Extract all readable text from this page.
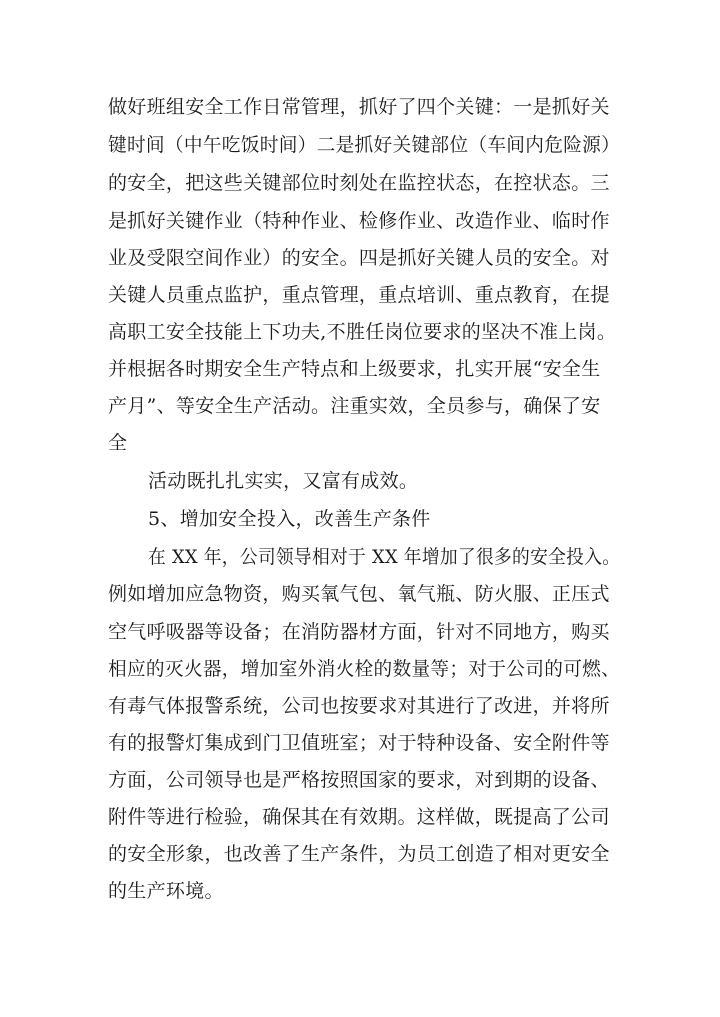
做好班组安全工作日常管理，抓好了四个关键：一是抓好关
键时间（中午吃饭时间）二是抓好关键部位（车间内危险源）
的安全，把这些关键部位时刻处在监控状态，在控状态。三
是抓好关键作业（特种作业、检修作业、改造作业、临时作
业及受限空间作业）的安全。四是抓好关键人员的安全。对
关键人员重点监护，重点管理，重点培训、重点教育，在提
高职工安全技能上下功夫,不胜任岗位要求的坚决不准上岗。
并根据各时期安全生产特点和上级要求，扎实开展“安全生
产月”、等安全生产活动。注重实效，全员参与，确保了安
全
活动既扎扎实实，又富有成效。
5、增加安全投入，改善生产条件
在 XX 年，公司领导相对于 XX 年增加了很多的安全投入。
例如增加应急物资，购买氧气包、氧气瓶、防火服、正压式
空气呼吸器等设备；在消防器材方面，针对不同地方，购买
相应的灭火器，增加室外消火栓的数量等；对于公司的可燃、
有毒气体报警系统，公司也按要求对其进行了改进，并将所
有的报警灯集成到门卫值班室；对于特种设备、安全附件等
方面，公司领导也是严格按照国家的要求，对到期的设备、
附件等进行检验，确保其在有效期。这样做，既提高了公司
的安全形象，也改善了生产条件，为员工创造了相对更安全
的生产环境。
